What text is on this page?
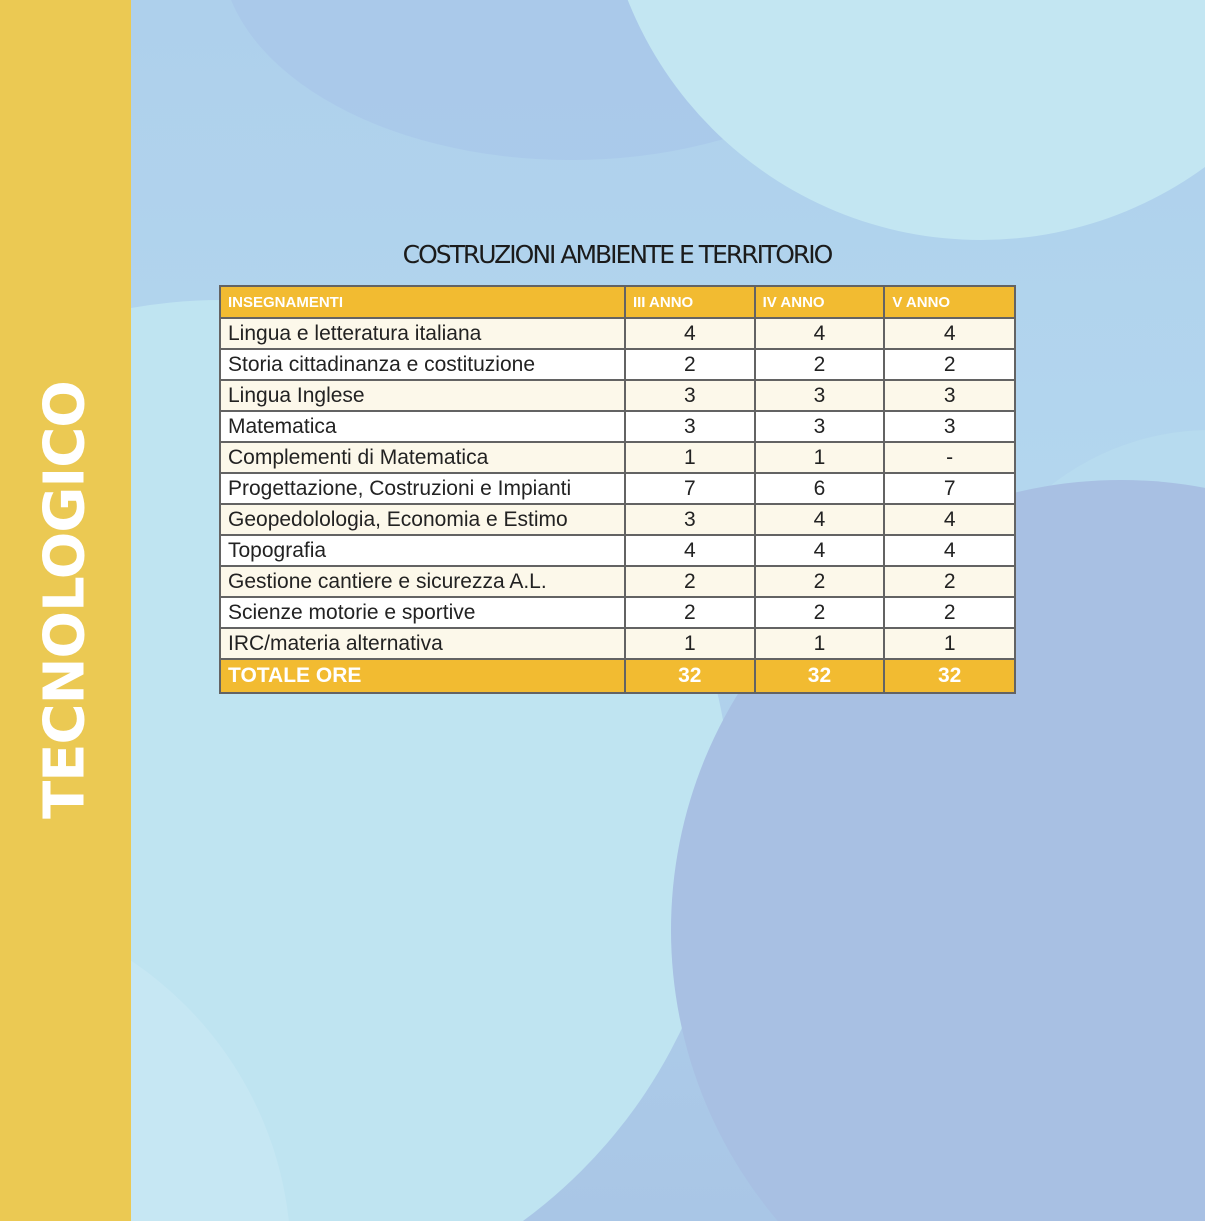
TECNOLOGICO
COSTRUZIONI AMBIENTE E TERRITORIO
INSEGNAMENTI	III ANNO	IV ANNO	V ANNO
Lingua e letteratura italiana	4	4	4
Storia cittadinanza e costituzione	2	2	2
Lingua Inglese	3	3	3
Matematica	3	3	3
Complementi di Matematica	1	1	-
Progettazione, Costruzioni e Impianti	7	6	7
Geopedolologia, Economia e Estimo	3	4	4
Topografia	4	4	4
Gestione cantiere e sicurezza A.L.	2	2	2
Scienze motorie e sportive	2	2	2
IRC/materia alternativa	1	1	1
TOTALE ORE	32	32	32
